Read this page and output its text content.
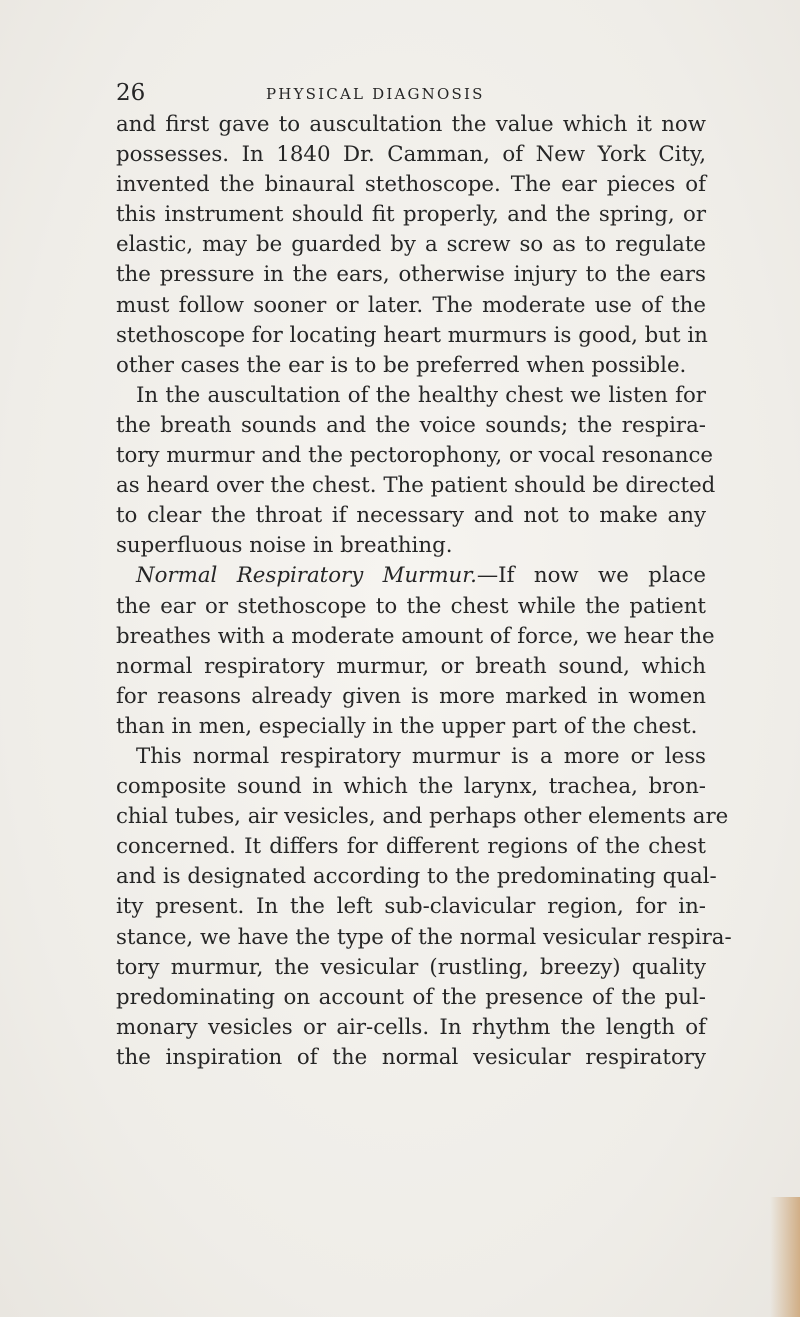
26	PHYSICAL DIAGNOSIS
and first gave to auscultation the value which it now
possesses. In 1840 Dr. Camman, of New York City,
invented the binaural stethoscope. The ear pieces of
this instrument should fit properly, and the spring, or
elastic, may be guarded by a screw so as to regulate
the pressure in the ears, otherwise injury to the ears
must follow sooner or later. The moderate use of the
stethoscope for locating heart murmurs is good, but in
other cases the ear is to be preferred when possible.
In the auscultation of the healthy chest we listen for
the breath sounds and the voice sounds; the respira-
tory murmur and the pectorophony, or vocal resonance
as heard over the chest. The patient should be directed
to clear the throat if necessary and not to make any
superfluous noise in breathing.
Normal Respiratory Murmur.—If now we place
the ear or stethoscope to the chest while the patient
breathes with a moderate amount of force, we hear the
normal respiratory murmur, or breath sound, which
for reasons already given is more marked in women
than in men, especially in the upper part of the chest.
This normal respiratory murmur is a more or less
composite sound in which the larynx, trachea, bron-
chial tubes, air vesicles, and perhaps other elements are
concerned. It differs for different regions of the chest
and is designated according to the predominating qual-
ity present. In the left sub-clavicular region, for in-
stance, we have the type of the normal vesicular respira-
tory murmur, the vesicular (rustling, breezy) quality
predominating on account of the presence of the pul-
monary vesicles or air-cells. In rhythm the length of
the inspiration of the normal vesicular respiratory
